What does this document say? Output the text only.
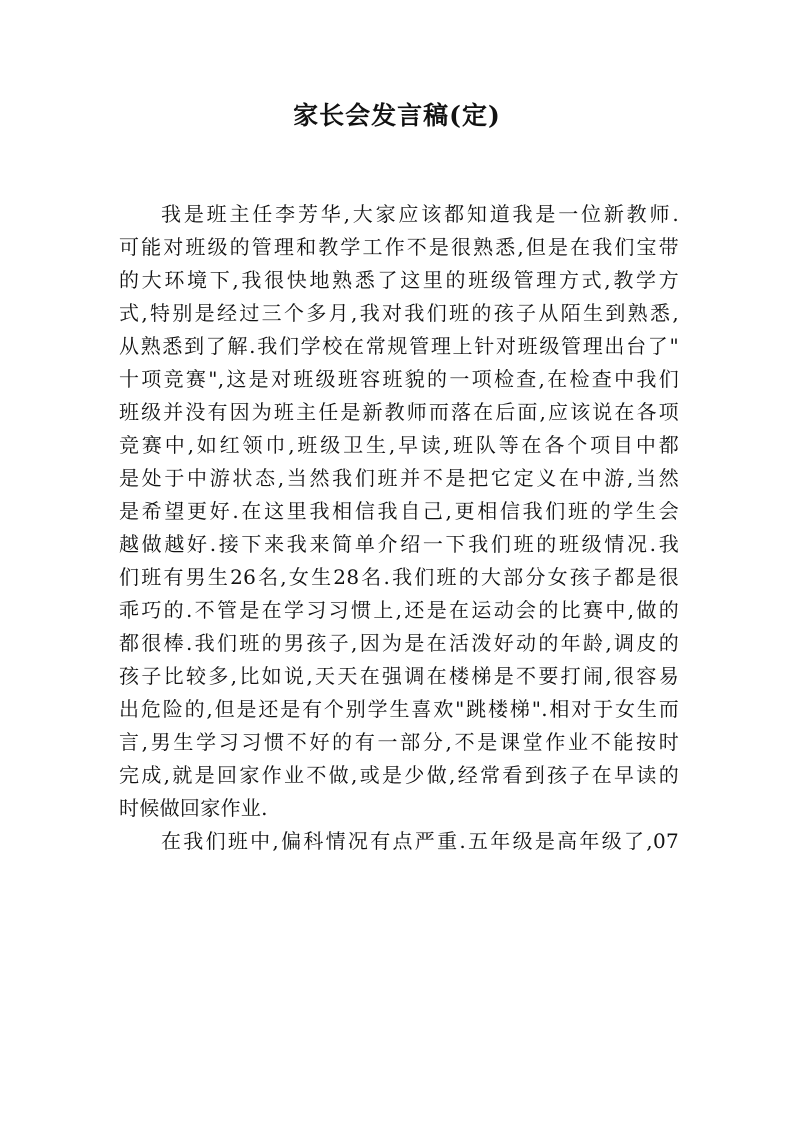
家长会发言稿(定)
我是班主任李芳华,大家应该都知道我是一位新教师.
可能对班级的管理和教学工作不是很熟悉,但是在我们宝带
的大环境下,我很快地熟悉了这里的班级管理方式,教学方
式,特别是经过三个多月,我对我们班的孩子从陌生到熟悉,
从熟悉到了解.我们学校在常规管理上针对班级管理出台了"
十项竞赛",这是对班级班容班貌的一项检查,在检查中我们
班级并没有因为班主任是新教师而落在后面,应该说在各项
竞赛中,如红领巾,班级卫生,早读,班队等在各个项目中都
是处于中游状态,当然我们班并不是把它定义在中游,当然
是希望更好.在这里我相信我自己,更相信我们班的学生会
越做越好.接下来我来简单介绍一下我们班的班级情况.我
们班有男生26名,女生28名.我们班的大部分女孩子都是很
乖巧的.不管是在学习习惯上,还是在运动会的比赛中,做的
都很棒.我们班的男孩子,因为是在活泼好动的年龄,调皮的
孩子比较多,比如说,天天在强调在楼梯是不要打闹,很容易
出危险的,但是还是有个别学生喜欢"跳楼梯".相对于女生而
言,男生学习习惯不好的有一部分,不是课堂作业不能按时
完成,就是回家作业不做,或是少做,经常看到孩子在早读的
时候做回家作业.
在我们班中,偏科情况有点严重.五年级是高年级了,07
